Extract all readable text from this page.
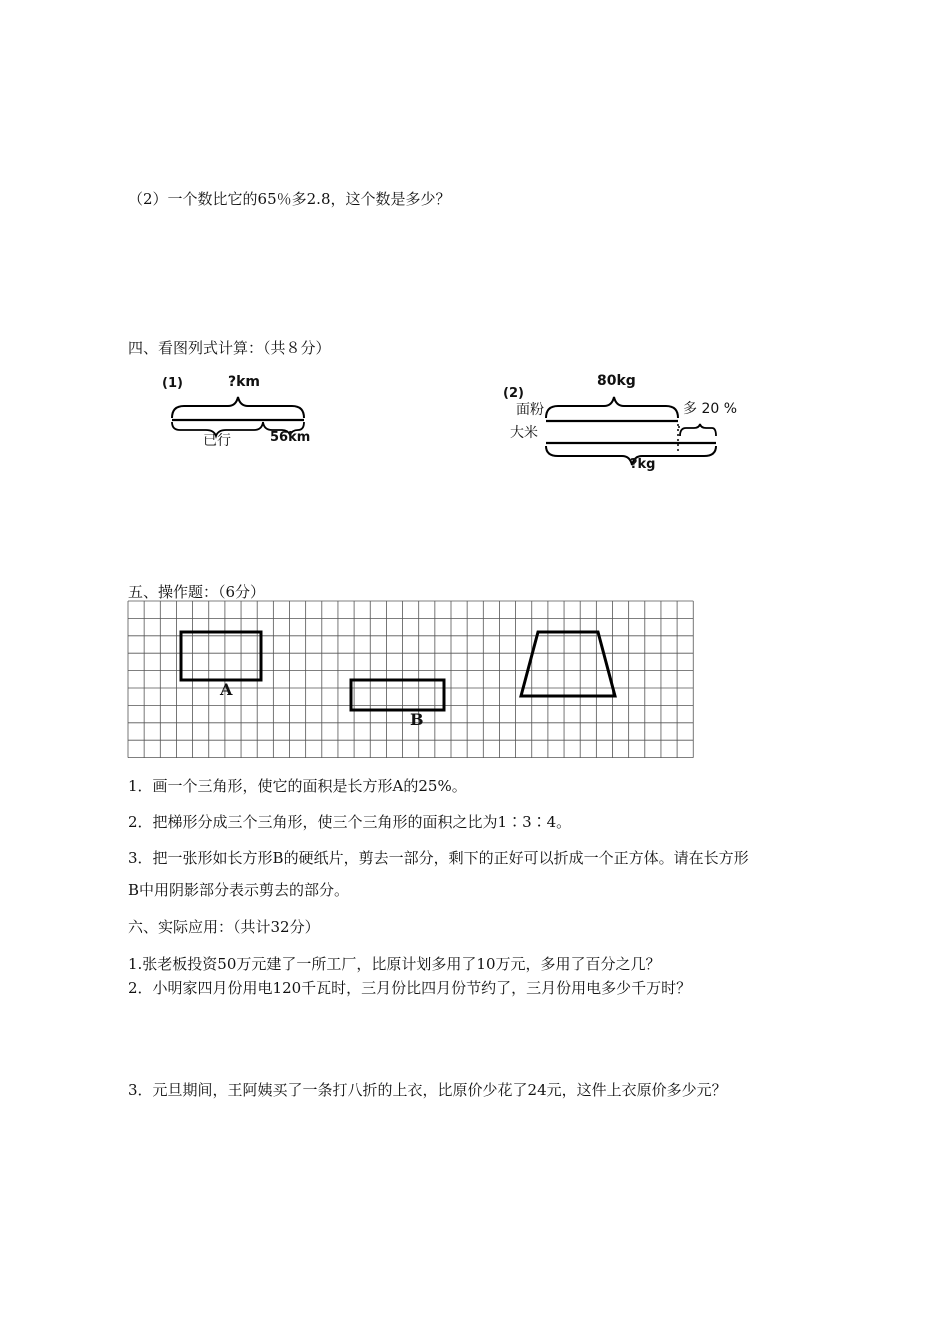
（2）一个数比它的65％多2.8，这个数是多少？
四、看图列式计算：（共８分）
(1)	?km
已行	56km
(2)
80kg
面粉
大米
多 20 %
?kg
五、操作题：（6分）
A
B
1．画一个三角形，使它的面积是长方形A的25%。
2．把梯形分成三个三角形，使三个三角形的面积之比为1∶3∶4。
3．把一张形如长方形B的硬纸片，剪去一部分，剩下的正好可以折成一个正方体。请在长方形
B中用阴影部分表示剪去的部分。
六、实际应用：（共计32分）
1.张老板投资50万元建了一所工厂，比原计划多用了10万元，多用了百分之几？
2．小明家四月份用电120千瓦时，三月份比四月份节约了，三月份用电多少千万时？
3．元旦期间，王阿姨买了一条打八折的上衣，比原价少花了24元，这件上衣原价多少元？
